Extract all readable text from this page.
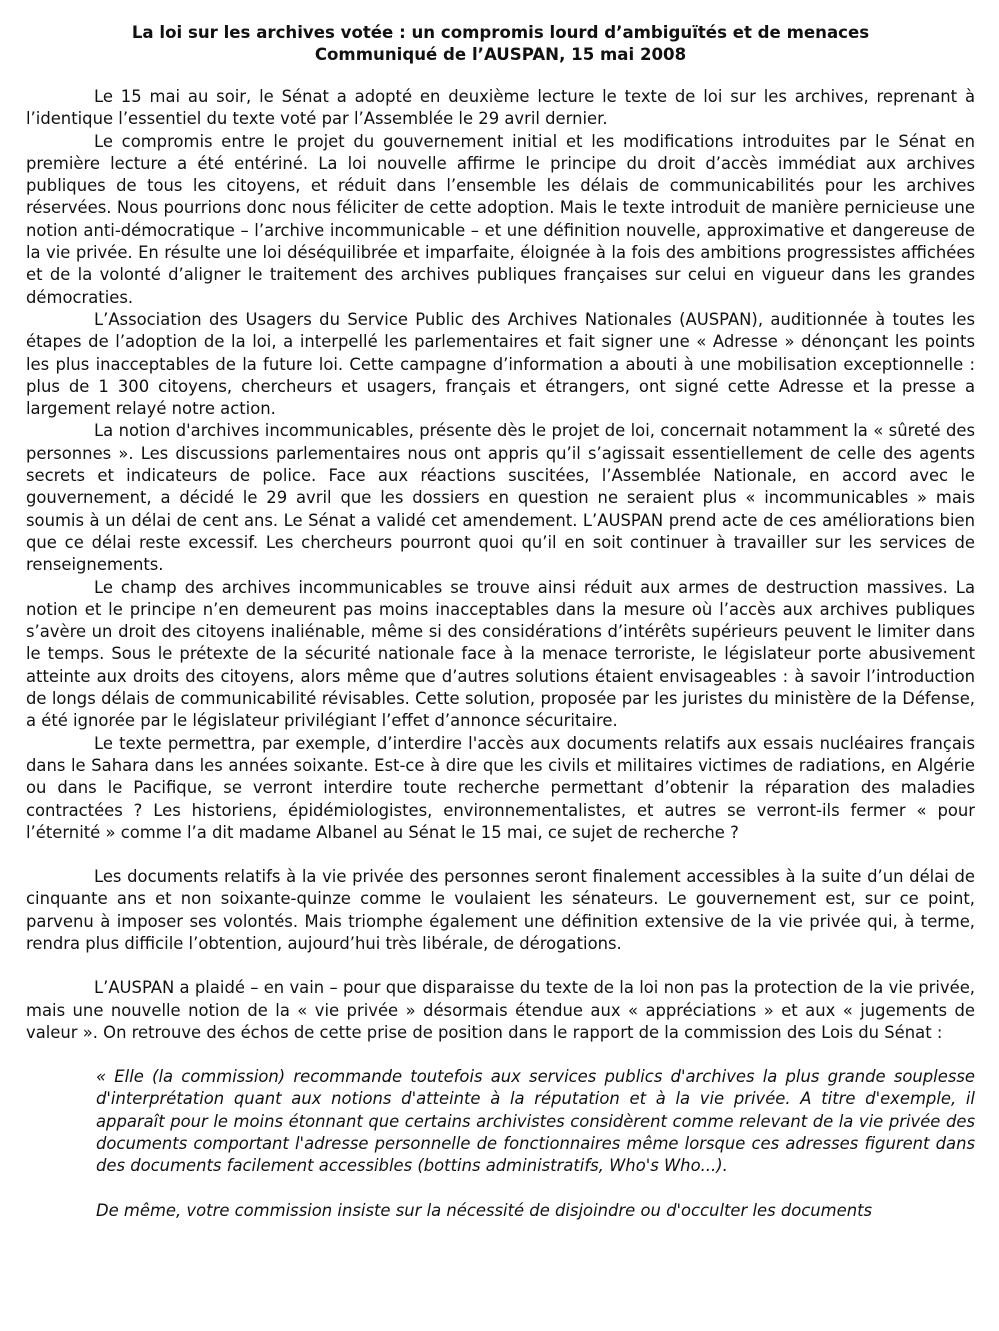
La loi sur les archives votée : un compromis lourd d’ambiguïtés et de menaces
Communiqué de l’AUSPAN, 15 mai 2008

Le 15 mai au soir, le Sénat a adopté en deuxième lecture le texte de loi sur les archives, reprenant à l’identique l’essentiel du texte voté par l’Assemblée le 29 avril dernier.

Le compromis entre le projet du gouvernement initial et les modifications introduites par le Sénat en première lecture a été entériné. La loi nouvelle affirme le principe du droit d’accès immédiat aux archives publiques de tous les citoyens, et réduit dans l’ensemble les délais de communicabilités pour les archives réservées. Nous pourrions donc nous féliciter de cette adoption. Mais le texte introduit de manière pernicieuse une notion anti-démocratique – l’archive incommunicable – et une définition nouvelle, approximative et dangereuse de la vie privée. En résulte une loi déséquilibrée et imparfaite, éloignée à la fois des ambitions progressistes affichées et de la volonté d’aligner le traitement des archives publiques françaises sur celui en vigueur dans les grandes démocraties.

L’Association des Usagers du Service Public des Archives Nationales (AUSPAN), auditionnée à toutes les étapes de l’adoption de la loi, a interpellé les parlementaires et fait signer une « Adresse » dénonçant les points les plus inacceptables de la future loi. Cette campagne d’information a abouti à une mobilisation exceptionnelle : plus de 1 300 citoyens, chercheurs et usagers, français et étrangers, ont signé cette Adresse et la presse a largement relayé notre action.

La notion d'archives incommunicables, présente dès le projet de loi, concernait notamment la « sûreté des personnes ». Les discussions parlementaires nous ont appris qu’il s’agissait essentiellement de celle des agents secrets et indicateurs de police. Face aux réactions suscitées, l’Assemblée Nationale, en accord avec le gouvernement, a décidé le 29 avril que les dossiers en question ne seraient plus « incommunicables » mais soumis à un délai de cent ans. Le Sénat a validé cet amendement. L’AUSPAN prend acte de ces améliorations bien que ce délai reste excessif. Les chercheurs pourront quoi qu’il en soit continuer à travailler sur les services de renseignements.

Le champ des archives incommunicables se trouve ainsi réduit aux armes de destruction massives. La notion et le principe n’en demeurent pas moins inacceptables dans la mesure où l’accès aux archives publiques s’avère un droit des citoyens inaliénable, même si des considérations d’intérêts supérieurs peuvent le limiter dans le temps. Sous le prétexte de la sécurité nationale face à la menace terroriste, le législateur porte abusivement atteinte aux droits des citoyens, alors même que d’autres solutions étaient envisageables : à savoir l’introduction de longs délais de communicabilité révisables. Cette solution, proposée par les juristes du ministère de la Défense, a été ignorée par le législateur privilégiant l’effet d’annonce sécuritaire.

Le texte permettra, par exemple, d’interdire l'accès aux documents relatifs aux essais nucléaires français dans le Sahara dans les années soixante. Est-ce à dire que les civils et militaires victimes de radiations, en Algérie ou dans le Pacifique, se verront interdire toute recherche permettant d’obtenir la réparation des maladies contractées ? Les historiens, épidémiologistes, environnementalistes, et autres se verront-ils fermer « pour l’éternité » comme l’a dit madame Albanel au Sénat le 15 mai, ce sujet de recherche ?

Les documents relatifs à la vie privée des personnes seront finalement accessibles à la suite d’un délai de cinquante ans et non soixante-quinze comme le voulaient les sénateurs. Le gouvernement est, sur ce point, parvenu à imposer ses volontés. Mais triomphe également une définition extensive de la vie privée qui, à terme, rendra plus difficile l’obtention, aujourd’hui très libérale, de dérogations.

L’AUSPAN a plaidé – en vain – pour que disparaisse du texte de la loi non pas la protection de la vie privée, mais une nouvelle notion de la « vie privée » désormais étendue aux « appréciations » et aux « jugements de valeur ». On retrouve des échos de cette prise de position dans le rapport de la commission des Lois du Sénat :

« Elle (la commission) recommande toutefois aux services publics d'archives la plus grande souplesse d'interprétation quant aux notions d'atteinte à la réputation et à la vie privée. A titre d'exemple, il apparaît pour le moins étonnant que certains archivistes considèrent comme relevant de la vie privée des documents comportant l'adresse personnelle de fonctionnaires même lorsque ces adresses figurent dans des documents facilement accessibles (bottins administratifs, Who's Who...).

De même, votre commission insiste sur la nécessité de disjoindre ou d'occulter les documents
